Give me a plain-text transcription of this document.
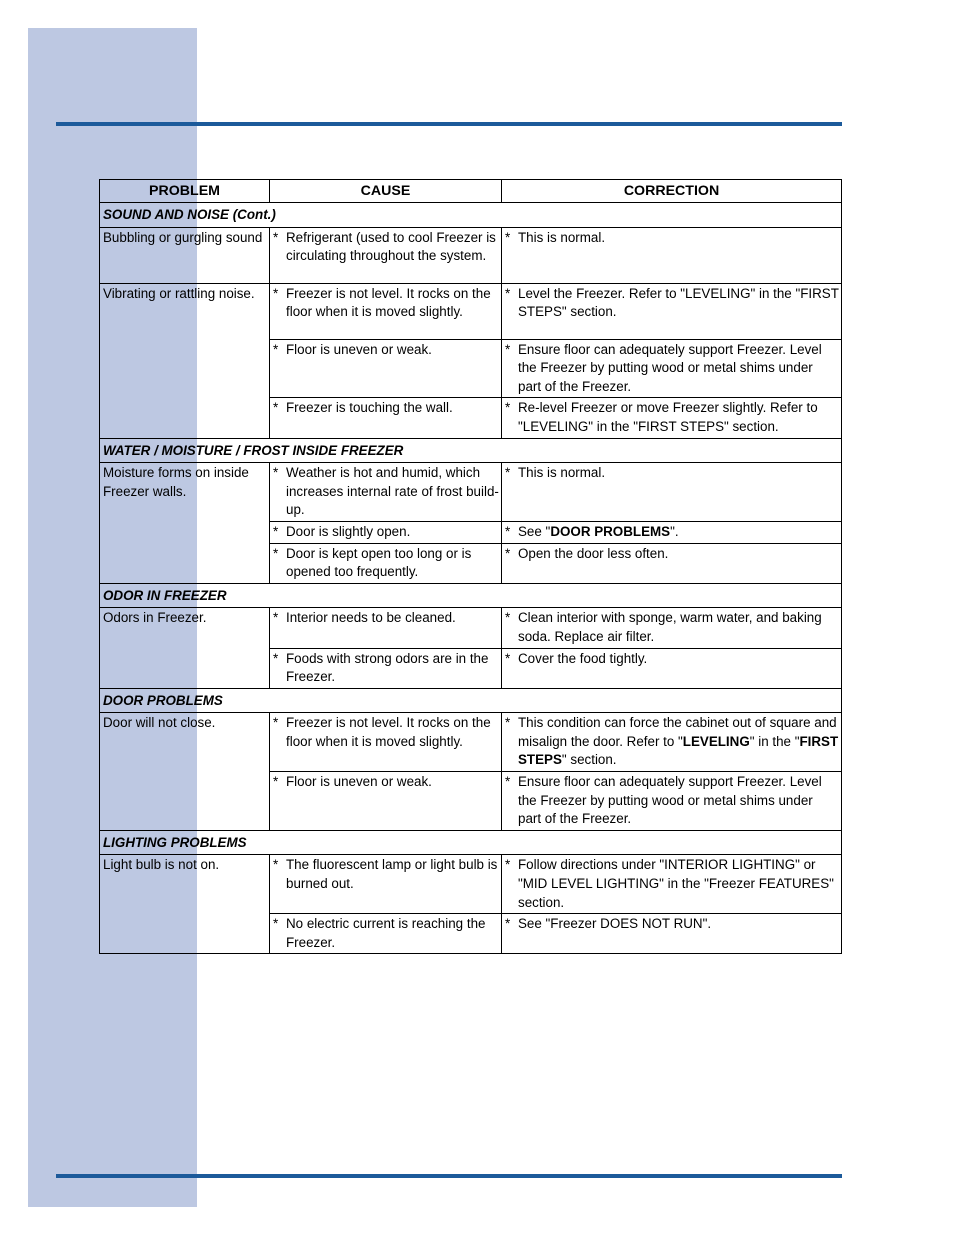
PROBLEM	CAUSE	CORRECTION
SOUND AND NOISE (Cont.)		
Bubbling or gurgling sound	* Refrigerant (used to cool Freezer is circulating throughout the system.	* This is normal.

Vibrating or rattling noise.	* Freezer is not level. It rocks on the floor when it is moved slightly.	* Level the Freezer. Refer to "LEVELING" in the "FIRST STEPS" section.

	* Floor is uneven or weak.	* Ensure floor can adequately support Freezer. Level the Freezer by putting wood or metal shims under part of the Freezer.

	* Freezer is touching the wall.	* Re-level Freezer or move Freezer slightly. Refer to "LEVELING" in the "FIRST STEPS" section.

WATER / MOISTURE / FROST INSIDE FREEZER		
Moisture forms on inside Freezer walls.	* Weather is hot and humid, which increases internal rate of frost build-up.	* This is normal.

	* Door is slightly open.	* See "DOOR PROBLEMS".

	* Door is kept open too long or is opened too frequently.	* Open the door less often.

ODOR IN FREEZER		
Odors in Freezer.	* Interior needs to be cleaned.	* Clean interior with sponge, warm water, and baking soda. Replace air filter.

	* Foods with strong odors are in the Freezer.	* Cover the food tightly.

DOOR PROBLEMS		
Door will not close.	* Freezer is not level. It rocks on the floor when it is moved slightly.	* This condition can force the cabinet out of square and misalign the door. Refer to "LEVELING" in the "FIRST STEPS" section.

	* Floor is uneven or weak.	* Ensure floor can adequately support Freezer. Level the Freezer by putting wood or metal shims under part of the Freezer.

LIGHTING PROBLEMS		
Light bulb is not on.	* The fluorescent lamp or light bulb is burned out.	* Follow directions under "INTERIOR LIGHTING" or "MID LEVEL LIGHTING" in the "Freezer FEATURES" section.

	* No electric current is reaching the Freezer.	* See "Freezer DOES NOT RUN".
